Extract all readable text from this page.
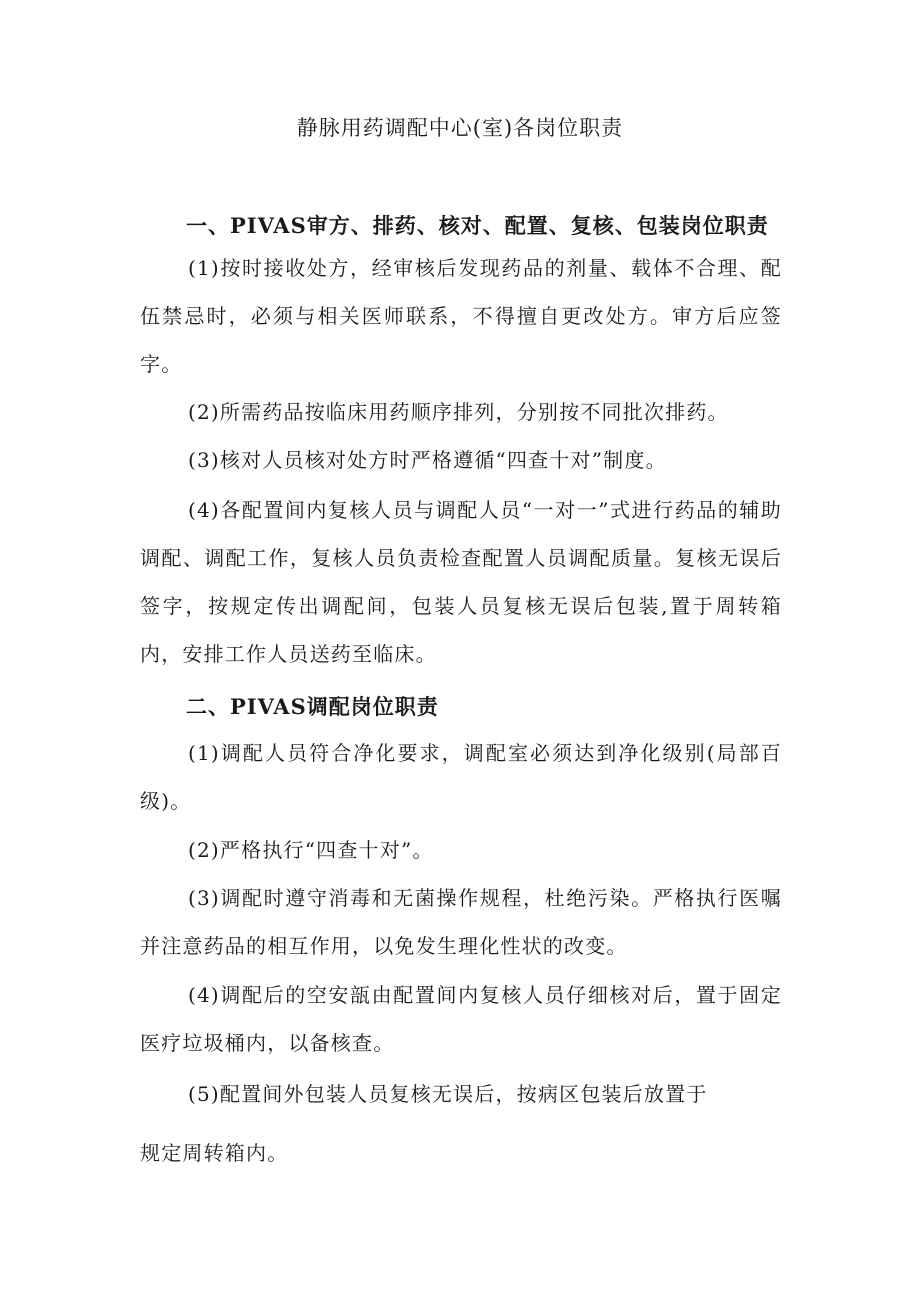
静脉用药调配中心(室)各岗位职责
一、PIVAS审方、排药、核对、配置、复核、包装岗位职责
(1)按时接收处方，经审核后发现药品的剂量、载体不合理、配伍禁忌时，必须与相关医师联系，不得擅自更改处方。审方后应签字。
(2)所需药品按临床用药顺序排列，分别按不同批次排药。
(3)核对人员核对处方时严格遵循“四查十对”制度。
(4)各配置间内复核人员与调配人员“一对一”式进行药品的辅助调配、调配工作，复核人员负责检查配置人员调配质量。复核无误后签字，按规定传出调配间，包装人员复核无误后包装,置于周转箱内，安排工作人员送药至临床。
二、PIVAS调配岗位职责
(1)调配人员符合净化要求，调配室必须达到净化级别(局部百级)。
(2)严格执行“四查十对”。
(3)调配时遵守消毒和无菌操作规程，杜绝污染。严格执行医嘱并注意药品的相互作用，以免发生理化性状的改变。
(4)调配后的空安瓿由配置间内复核人员仔细核对后，置于固定医疗垃圾桶内，以备核查。
(5)配置间外包装人员复核无误后，按病区包装后放置于
规定周转箱内。
